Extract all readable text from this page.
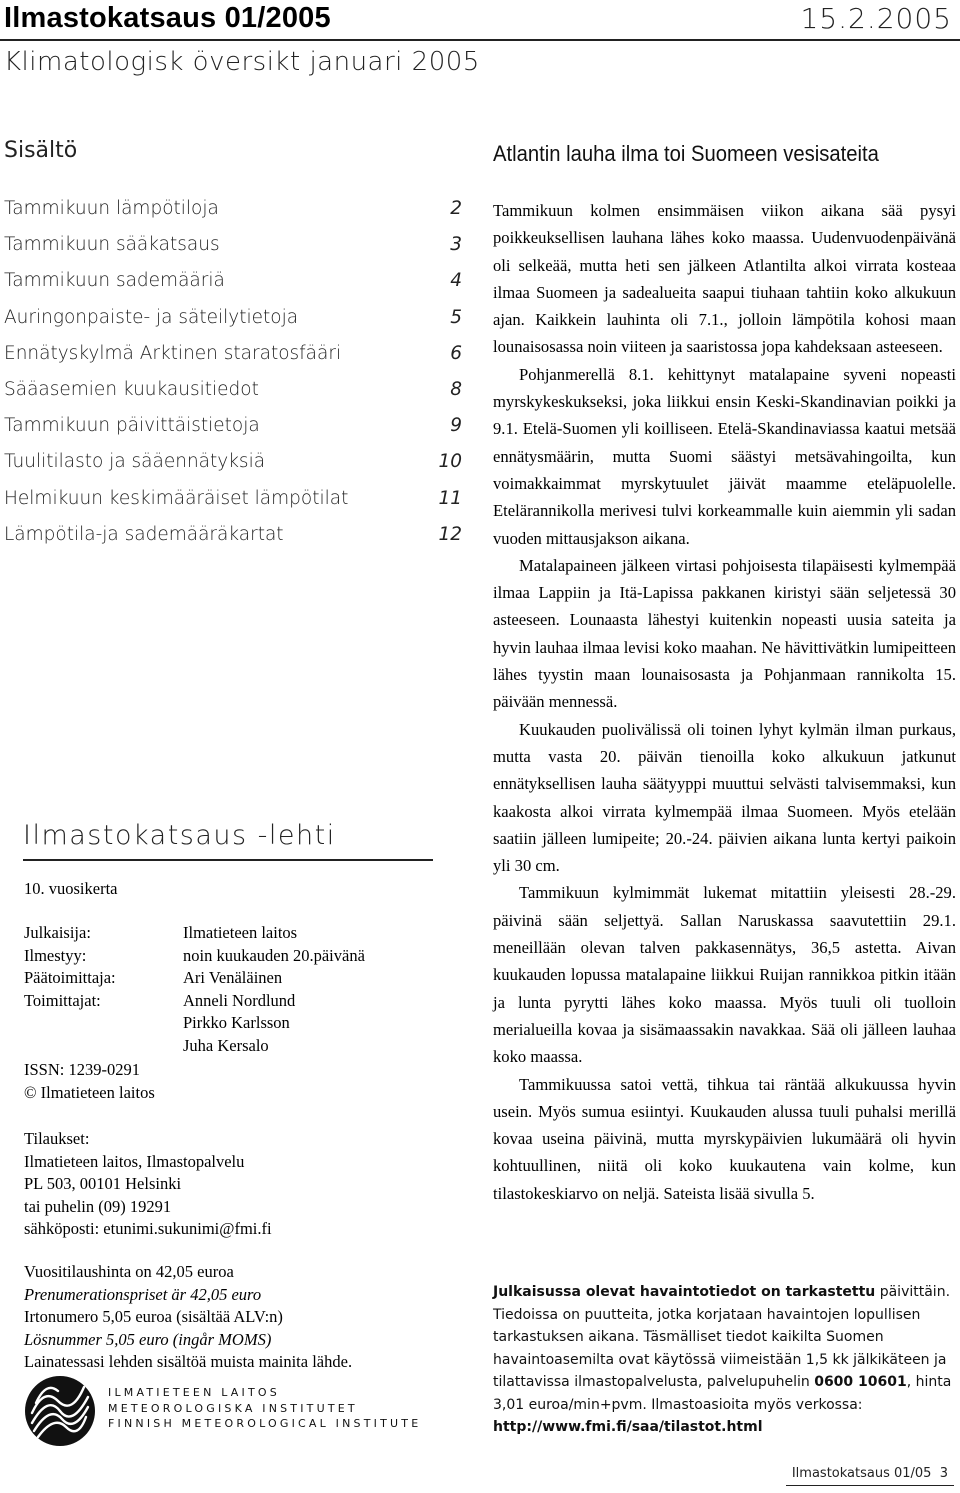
Ilmastokatsaus 01/2005	15.2.2005
Klimatologisk översikt januari 2005
Sisältö
Tammikuun lämpötiloja	2
Tammikuun sääkatsaus	3
Tammikuun sademääriä	4
Auringonpaiste- ja säteilytietoja	5
Ennätyskylmä Arktinen staratosfääri	6
Sääasemien kuukausitiedot	8
Tammikuun päivittäistietoja	9
Tuulitilasto ja sääennätyksiä	10
Helmikuun keskimääräiset lämpötilat	11
Lämpötila-ja sademääräkartat	12
Ilmastokatsaus -lehti
10. vuosikerta
Julkaisija:	Ilmatieteen laitos
Ilmestyy:	noin kuukauden 20.päivänä
Päätoimittaja:	Ari Venäläinen
Toimittajat:	Anneli Nordlund
Pirkko Karlsson
Juha Kersalo
ISSN: 1239-0291
© Ilmatieteen laitos
Tilaukset:
Ilmatieteen laitos, Ilmastopalvelu
PL 503, 00101 Helsinki
tai puhelin (09) 19291
sähköposti: etunimi.sukunimi@fmi.fi
Vuositilaushinta on 42,05 euroa
Prenumerationspriset är 42,05 euro
Irtonumero 5,05 euroa (sisältää ALV:n)
Lösnummer 5,05 euro (ingår MOMS)
Lainatessasi lehden sisältöä muista mainita lähde.
ILMATIETEEN LAITOS
METEOROLOGISKA INSTITUTET
FINNISH METEOROLOGICAL INSTITUTE
Atlantin lauha ilma toi Suomeen vesisateita

Tammikuun kolmen ensimmäisen viikon aikana sää pysyi poikkeuksellisen lauhana lähes koko maassa. Uudenvuodenpäivänä oli selkeää, mutta heti sen jälkeen Atlantilta alkoi virrata kosteaa ilmaa Suomeen ja sadealueita saapui tiuhaan tahtiin koko alkukuun ajan. Kaikkein lauhinta oli 7.1., jolloin lämpötila kohosi maan lounaisosassa noin viiteen ja saaristossa jopa kahdeksaan asteeseen.

Pohjanmerellä 8.1. kehittynyt matalapaine syveni nopeasti myrskykeskukseksi, joka liikkui ensin Keski-Skandinavian poikki ja 9.1. Etelä-Suomen yli koilliseen. Etelä-Skandinaviassa kaatui metsää ennätysmäärin, mutta Suomi säästyi metsävahingoilta, kun voimakkaimmat myrskytuulet jäivät maamme eteläpuolelle. Etelärannikolla merivesi tulvi korkeammalle kuin aiemmin yli sadan vuoden mittausjakson aikana.

Matalapaineen jälkeen virtasi pohjoisesta tilapäisesti kylmempää ilmaa Lappiin ja Itä-Lapissa pakkanen kiristyi sään seljetessä 30 asteeseen. Lounaasta lähestyi kuitenkin nopeasti uusia sateita ja hyvin lauhaa ilmaa levisi koko maahan. Ne hävittivätkin lumipeitteen lähes tyystin maan lounaisosasta ja Pohjanmaan rannikolta 15. päivään mennessä.

Kuukauden puolivälissä oli toinen lyhyt kylmän ilman purkaus, mutta vasta 20. päivän tienoilla koko alkukuun jatkunut ennätyksellisen lauha säätyyppi muuttui selvästi talvisemmaksi, kun kaakosta alkoi virrata kylmempää ilmaa Suomeen. Myös etelään saatiin jälleen lumipeite; 20.-24. päivien aikana lunta kertyi paikoin yli 30 cm.

Tammikuun kylmimmät lukemat mitattiin yleisesti 28.-29. päivinä sään seljettyä. Sallan Naruskassa saavutettiin 29.1. meneillään olevan talven pakkasennätys, 36,5 astetta. Aivan kuukauden lopussa matalapaine liikkui Ruijan rannikkoa pitkin itään ja lunta pyrytti lähes koko maassa. Myös tuuli oli tuolloin merialueilla kovaa ja sisämaassakin navakkaa. Sää oli jälleen lauhaa koko maassa.

Tammikuussa satoi vettä, tihkua tai räntää alkukuussa hyvin usein. Myös sumua esiintyi. Kuukauden alussa tuuli puhalsi merillä kovaa useina päivinä, mutta myrskypäivien lukumäärä oli hyvin kohtuullinen, niitä oli koko kuukautena vain kolme, kun tilastokeskiarvo on neljä. Sateista lisää sivulla 5.

Julkaisussa olevat havaintotiedot on tarkastettu päivittäin. Tiedoissa on puutteita, jotka korjataan havaintojen lopullisen tarkastuksen aikana. Täsmälliset tiedot kaikilta Suomen havaintoasemilta ovat käytössä viimeistään 1,5 kk jälkikäteen ja tilattavissa ilmastopalvelusta, palvelupuhelin 0600 10601, hinta 3,01 euroa/min+pvm. Ilmastoasioita myös verkossa:
http://www.fmi.fi/saa/tilastot.html
Ilmastokatsaus 01/05  3
